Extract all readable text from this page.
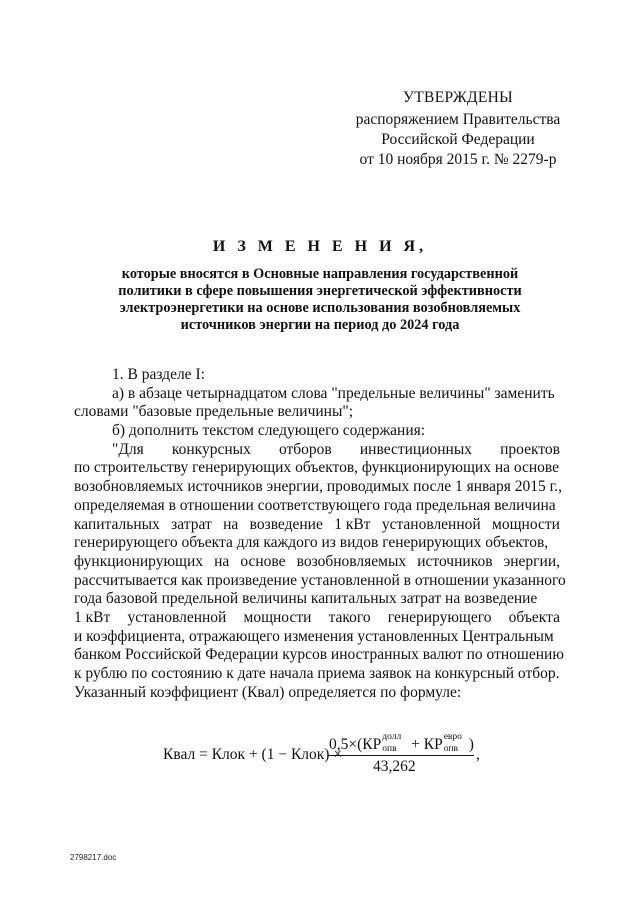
УТВЕРЖДЕНЫ
распоряжением Правительства
Российской Федерации
от 10 ноября 2015 г. № 2279-р
И З М Е Н Е Н И Я,
которые вносятся в Основные направления государственной
политики в сфере повышения энергетической эффективности
электроэнергетики на основе использования возобновляемых
источников энергии на период до 2024 года
1. В разделе I:
а) в абзаце четырнадцатом слова "предельные величины" заменить
словами "базовые предельные величины";
б) дополнить текстом следующего содержания:
"Для конкурсных отборов инвестиционных проектов
по строительству генерирующих объектов, функционирующих на основе
возобновляемых источников энергии, проводимых после 1 января 2015 г.,
определяемая в отношении соответствующего года предельная величина
капитальных затрат на возведение 1 кВт установленной мощности
генерирующего объекта для каждого из видов генерирующих объектов,
функционирующих на основе возобновляемых источников энергии,
рассчитывается как произведение установленной в отношении указанного
года базовой предельной величины капитальных затрат на возведение
1 кВт установленной мощности такого генерирующего объекта
и коэффициента, отражающего изменения установленных Центральным
банком Российской Федерации курсов иностранных валют по отношению
к рублю по состоянию к дате начала приема заявок на конкурсный отбор.
Указанный коэффициент (Квал) определяется по формуле:
Квал = Клок + (1 − Клок) ×
0,5×(КР долл
опв + КР евро
опв )
43,262
,
2798217.doc
